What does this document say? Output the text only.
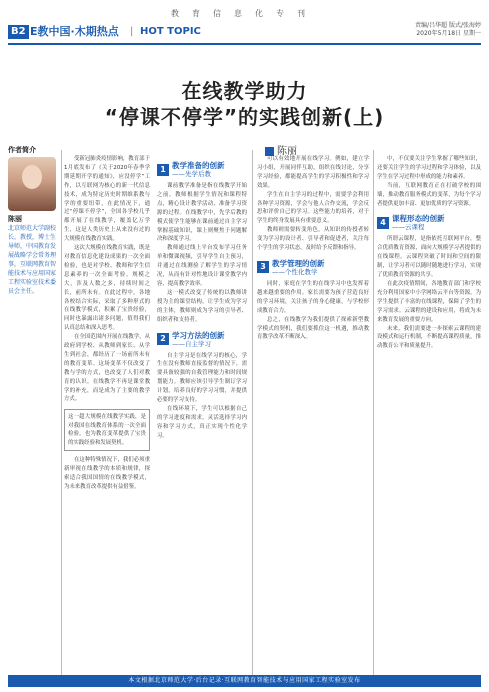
教育信息化专刊
B2 E教中国·木期热点 | HOT TOPIC
责编/吕华超 版式/张海婷
2020年5月18日 星期一
在线教学助力
“停课不停学”的实践创新(上)
陈丽
作者简介
陈丽
北京师范大学副校长，教授，博士生导师，中国教育发展战略学会常务理事，互联网教育智能技术与应用国家工程实验室技术委员会主任。

受新冠肺炎疫情影响，教育部于1月底发布了《关于2020年春季学期延期开学的通知》，应没停学”工作，以互联网为核心的新一代信息技术，成为特定历史时期维系教与学的重要纽带，在此情况下，通过“停课不停学”，全国各学校几乎都开展了在线教学，覆盖亿万学生，这是人类历史上从来没有过的大规模在线教育实践。

这次大规模在线教育实践，既是对教育信息化建设成果的一次全面检验，也是对学校、教师和学生信息素养的一次全面考验。规模之大，涉及人数之多，持续时间之长，前所未有。在此过程中，各地各校结合实际，采取了多种形式的在线教学模式，积累了宝贵经验，同时也暴露出诸多问题，值得我们认真总结和深入思考。

在全国范围内开展在线教学，从政府到学校、从教师到家长、从学生到社会，都经历了一场前所未有的教育变革。这场变革不仅改变了教与学的方式，也改变了人们对教育的认识。在线教学不再是课堂教学的补充，而是成为了主要的教学方式。

这一超大规模在线教学实践，是对我国在线教育体系的一次全面检验，也为教育变革提供了宝贵的实践经验和发展契机。

在这种特殊情况下，我们必须重新审视在线教学的本质和规律，探索适合我国国情的在线教学模式，为未来教育改革提供有益借鉴。

1 教学准备的创新
——先学后教

课前教学准备是指在线教学开始之前，教师根据学生情况和课程特点，精心设计教学活动、准备学习资源的过程。在线教学中，先学后教的模式使学生能够在课前通过自主学习掌握基础知识，课上则聚焦于问题解决和深度学习。

教师通过线上平台发布学习任务单和微课视频，引导学生自主预习，并通过在线测验了解学生的学习情况，从而有针对性地设计课堂教学内容，提高教学效率。

这一模式改变了传统的以教师讲授为主的课堂结构，让学生成为学习的主体，教师则成为学习的引导者、组织者和支持者。

2 学习方法的创新
——自主学习

自主学习是在线学习的核心，学生在没有教师直接监督的情况下，需要具备较强的自我管理能力和时间规划能力。教师应该引导学生制订学习计划，培养良好的学习习惯，并提供必要的学习支持。

在线环境下，学生可以根据自己的学习进度和需求，灵活选择学习内容和学习方式，真正实现个性化学习。

可以有效地开展在线学习。例如，建立学习小组，开展同伴互助，组织在线讨论，分享学习经验，都能提高学生的学习积极性和学习效果。

学生在自主学习的过程中，需要学会利用各种学习资源，学会与他人合作交流，学会反思和评价自己的学习。这些能力的培养，对于学生的终身发展具有重要意义。

教师则需要转变角色，从知识的传授者转变为学习的设计者、引导者和促进者，关注每个学生的学习状态，及时给予反馈和指导。

3 教学管理的创新
——个性化教学

同时，家庭在学生的在线学习中也发挥着越来越重要的作用。家长需要为孩子营造良好的学习环境，关注孩子的身心健康，与学校形成教育合力。

总之，在线教学为我们提供了探索新型教学模式的契机，我们要抓住这一机遇，推动教育教学改革不断深入。

中，不仅要关注学生掌握了哪些知识，还要关注学生的学习过程和学习体验，以及学生在学习过程中形成的能力和素养。

当前，互联网教育正在打破学校的围墙，推动教育服务模式的变革，为每个学习者提供更加丰富、更加优质的学习资源。

4 课程形态的创新
——云课程

所谓云课程，是指依托互联网平台，整合优质教育资源，面向大规模学习者提供的在线课程。云课程突破了时间和空间的限制，让学习者可以随时随地进行学习，实现了优质教育资源的共享。

在此次疫情期间，各地教育部门和学校充分利用国家中小学网络云平台等资源，为学生提供了丰富的在线课程，保障了学生的学习需求。云课程的建设和应用，将成为未来教育发展的重要方向。

未来，我们需要进一步探索云课程的建设模式和运行机制，不断提高课程质量，推动教育公平和质量提升。

本文根据北京师范大学·后台记录·互联网教育智能技术与应用国家工程实验室发布
